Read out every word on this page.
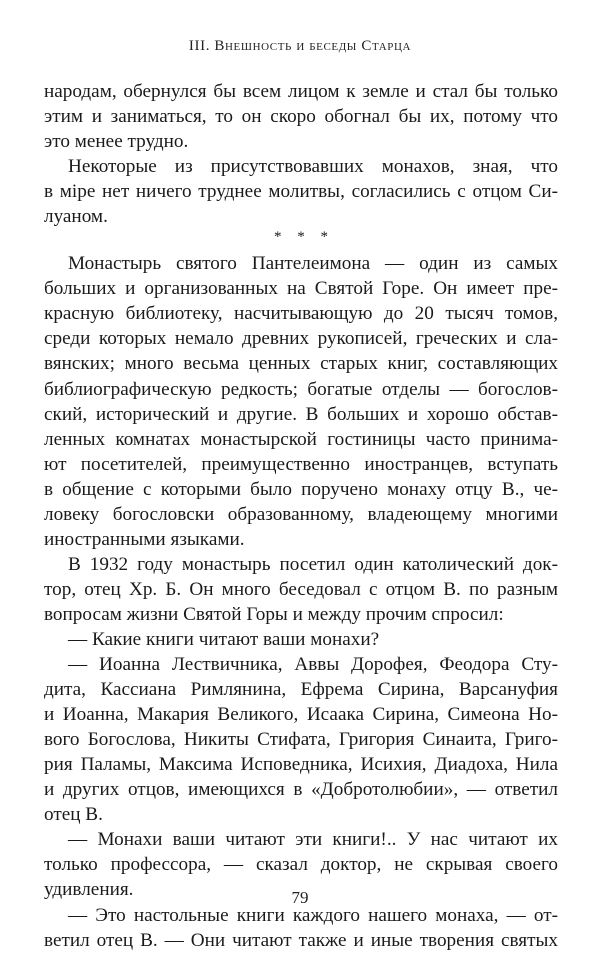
III. Внешность и беседы Старца
народам, обернулся бы всем лицом к земле и стал бы только
этим и заниматься, то он скоро обогнал бы их, потому что
это менее трудно.
Некоторые из присутствовавших монахов, зная, что
в міре нет ничего труднее молитвы, согласились с отцом Си-
луаном.
* * *
Монастырь святого Пантелеимона — один из самых
больших и организованных на Святой Горе. Он имеет пре-
красную библиотеку, насчитывающую до 20 тысяч томов,
среди которых немало древних рукописей, греческих и сла-
вянских; много весьма ценных старых книг, составляющих
библиографическую редкость; богатые отделы — богослов-
ский, исторический и другие. В больших и хорошо обстав-
ленных комнатах монастырской гостиницы часто принима-
ют посетителей, преимущественно иностранцев, вступать
в общение с которыми было поручено монаху отцу В., че-
ловеку богословски образованному, владеющему многими
иностранными языками.
В 1932 году монастырь посетил один католический док-
тор, отец Хр. Б. Он много беседовал с отцом В. по разным
вопросам жизни Святой Горы и между прочим спросил:
— Какие книги читают ваши монахи?
— Иоанна Лествичника, Аввы Дорофея, Феодора Сту-
дита, Кассиана Римлянина, Ефрема Сирина, Варсануфия
и Иоанна, Макария Великого, Исаака Сирина, Симеона Но-
вого Богослова, Никиты Стифата, Григория Синаита, Григо-
рия Паламы, Максима Исповедника, Исихия, Диадоха, Нила
и других отцов, имеющихся в «Добротолюбии», — ответил
отец В.
— Монахи ваши читают эти книги!.. У нас читают их
только профессора, — сказал доктор, не скрывая своего
удивления.
— Это настольные книги каждого нашего монаха, — от-
ветил отец В. — Они читают также и иные творения святых
79
